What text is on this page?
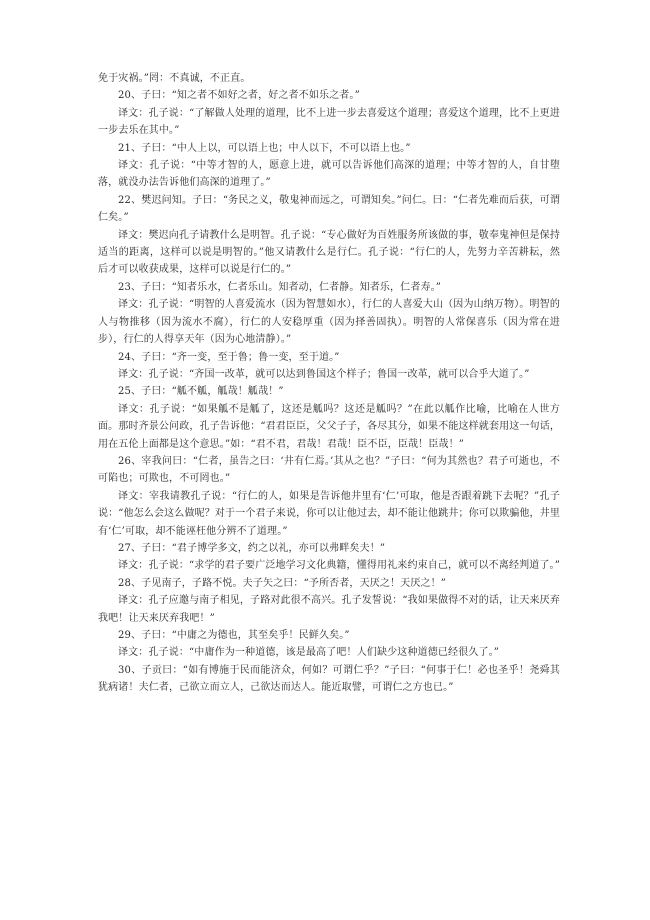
免于灾祸。”罔：不真诚，不正直。

20、子曰：“知之者不如好之者，好之者不如乐之者。”

译文：孔子说：“了解做人处理的道理，比不上进一步去喜爱这个道理；喜爱这个道理，比不上更进一步去乐在其中。”

21、子曰：“中人上以，可以语上也；中人以下，不可以语上也。”

译文：孔子说：“中等才智的人，愿意上进，就可以告诉他们高深的道理；中等才智的人，自甘堕落，就没办法告诉他们高深的道理了。”

22、樊迟问知。子曰：“务民之义，敬鬼神而远之，可谓知矣。”问仁。曰：“仁者先难而后获，可谓仁矣。”

译文：樊迟向孔子请教什么是明智。孔子说：“专心做好为百姓服务所该做的事，敬奉鬼神但是保持适当的距离，这样可以说是明智的。”他又请教什么是行仁。孔子说：“行仁的人，先努力辛苦耕耘，然后才可以收获成果，这样可以说是行仁的。”

23、子曰：“知者乐水，仁者乐山。知者动，仁者静。知者乐，仁者寿。”

译文：孔子说：“明智的人喜爱流水（因为智慧如水），行仁的人喜爱大山（因为山纳万物）。明智的人与物推移（因为流水不腐），行仁的人安稳厚重（因为择善固执）。明智的人常保喜乐（因为常在进步），行仁的人得享天年（因为心地清静）。”

24、子曰：“齐一变，至于鲁；鲁一变，至于道。”

译文：孔子说：“齐国一改革，就可以达到鲁国这个样子；鲁国一改革，就可以合乎大道了。”

25、子曰：“觚不觚，觚哉！觚哉！”

译文：孔子说：“如果觚不是觚了，这还是觚吗？这还是觚吗？”在此以觚作比喻，比喻在人世方面。那时齐景公问政，孔子告诉他：“君君臣臣，父父子子，各尽其分，如果不能这样就套用这一句话，用在五伦上面都是这个意思。”如：“君不君，君哉！君哉！臣不臣，臣哉！臣哉！”

26、宰我问曰：“仁者，虽告之曰：‘井有仁焉。’其从之也？”子曰：“何为其然也？君子可逝也，不可陷也；可欺也，不可罔也。”

译文：宰我请教孔子说：“行仁的人，如果是告诉他井里有‘仁’可取，他是否跟着跳下去呢？”孔子说：“他怎么会这么做呢？对于一个君子来说，你可以让他过去，却不能让他跳井；你可以欺骗他，井里有‘仁’可取，却不能诬枉他分辨不了道理。”

27、子曰：“君子博学多文，约之以礼，亦可以弗畔矣夫！”

译文：孔子说：“求学的君子要广泛地学习文化典籍，懂得用礼来约束自己，就可以不离经判道了。”

28、子见南子，子路不悦。夫子矢之曰：“予所否者，天厌之！天厌之！”

译文：孔子应邀与南子相见，子路对此很不高兴。孔子发誓说：“我如果做得不对的话，让天来厌弃我吧！让天来厌弃我吧！”

29、子曰：“中庸之为德也，其至矣乎！民鲜久矣。”

译文：孔子说：“中庸作为一种道德，该是最高了吧！人们缺少这种道德已经很久了。”

30、子贡曰：“如有博施于民而能济众，何如？可谓仁乎？”子曰：“何事于仁！必也圣乎！尧舜其犹病诸！夫仁者，己欲立而立人，己欲达而达人。能近取譬，可谓仁之方也已。”
